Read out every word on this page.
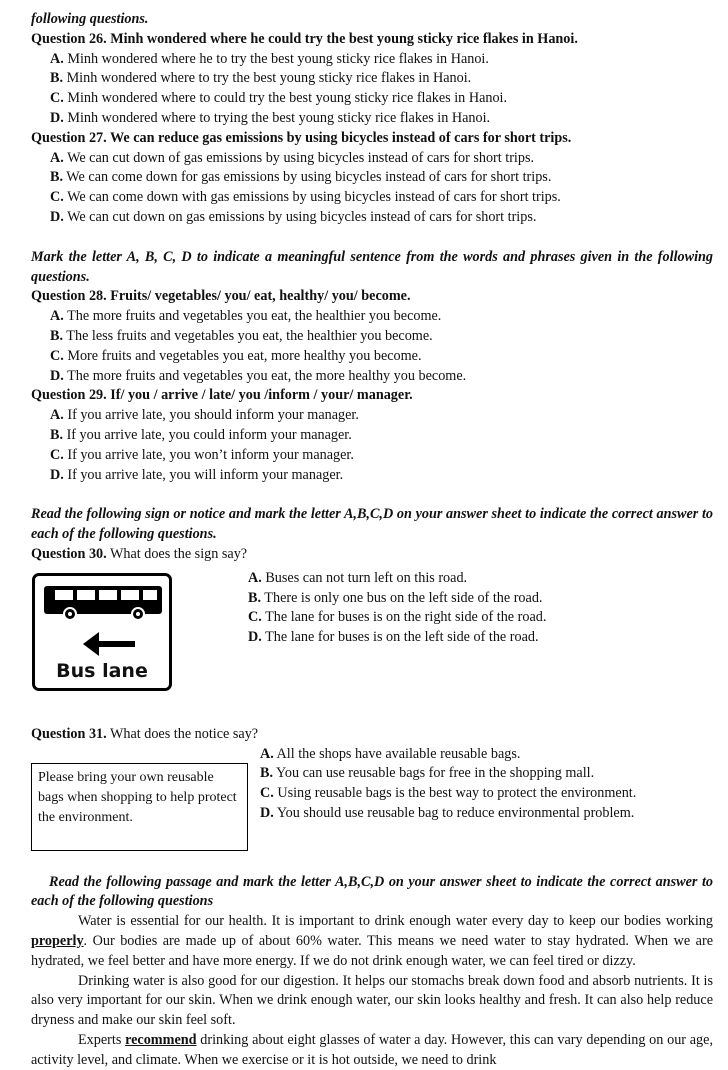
following questions.
Question 26. Minh wondered where he could try the best young sticky rice flakes in Hanoi.
A. Minh wondered where he to try the best young sticky rice flakes in Hanoi.
B. Minh wondered where to try the best young sticky rice flakes in Hanoi.
C. Minh wondered where to could try the best young sticky rice flakes in Hanoi.
D. Minh wondered where to trying the best young sticky rice flakes in Hanoi.
Question 27. We can reduce gas emissions by using bicycles instead of cars for short trips.
A. We can cut down of gas emissions by using bicycles instead of cars for short trips.
B. We can come down for gas emissions by using bicycles instead of cars for short trips.
C. We can come down with gas emissions by using bicycles instead of cars for short trips.
D. We can cut down on gas emissions by using bicycles instead of cars for short trips.
Mark the letter A, B, C, D to indicate a meaningful sentence from the words and phrases given in the following questions.
Question 28. Fruits/ vegetables/ you/ eat, healthy/ you/ become.
A. The more fruits and vegetables you eat, the healthier you become.
B. The less fruits and vegetables you eat, the healthier you become.
C. More fruits and vegetables you eat, more healthy you become.
D. The more fruits and vegetables you eat, the more healthy you become.
Question 29. If/ you / arrive / late/ you /inform / your/ manager.
A. If you arrive late, you should inform your manager.
B. If you arrive late, you could inform your manager.
C. If you arrive late, you won’t inform your manager.
D. If you arrive late, you will inform your manager.
Read the following sign or notice and mark the letter A,B,C,D on your answer sheet to indicate the correct answer to each of the following questions.
Question 30. What does the sign say?
Bus lane
A. Buses can not turn left on this road.
B. There is only one bus on the left side of the road.
C. The lane for buses is on the right side of the road.
D. The lane for buses is on the left side of the road.
Question 31. What does the notice say?
Please bring your own reusable bags when shopping to help protect the environment.
A. All the shops have available reusable bags.
B. You can use reusable bags for free in the shopping mall.
C. Using reusable bags is the best way to protect the environment.
D. You should use reusable bag to reduce environmental problem.
Read the following passage and mark the letter A,B,C,D on your answer sheet to indicate the correct answer to each of the following questions

Water is essential for our health. It is important to drink enough water every day to keep our bodies working properly. Our bodies are made up of about 60% water. This means we need water to stay hydrated. When we are hydrated, we feel better and have more energy. If we do not drink enough water, we can feel tired or dizzy.

Drinking water is also good for our digestion. It helps our stomachs break down food and absorb nutrients. It is also very important for our skin. When we drink enough water, our skin looks healthy and fresh. It can also help reduce dryness and make our skin feel soft.

Experts recommend drinking about eight glasses of water a day. However, this can vary depending on our age, activity level, and climate. When we exercise or it is hot outside, we need to drink
